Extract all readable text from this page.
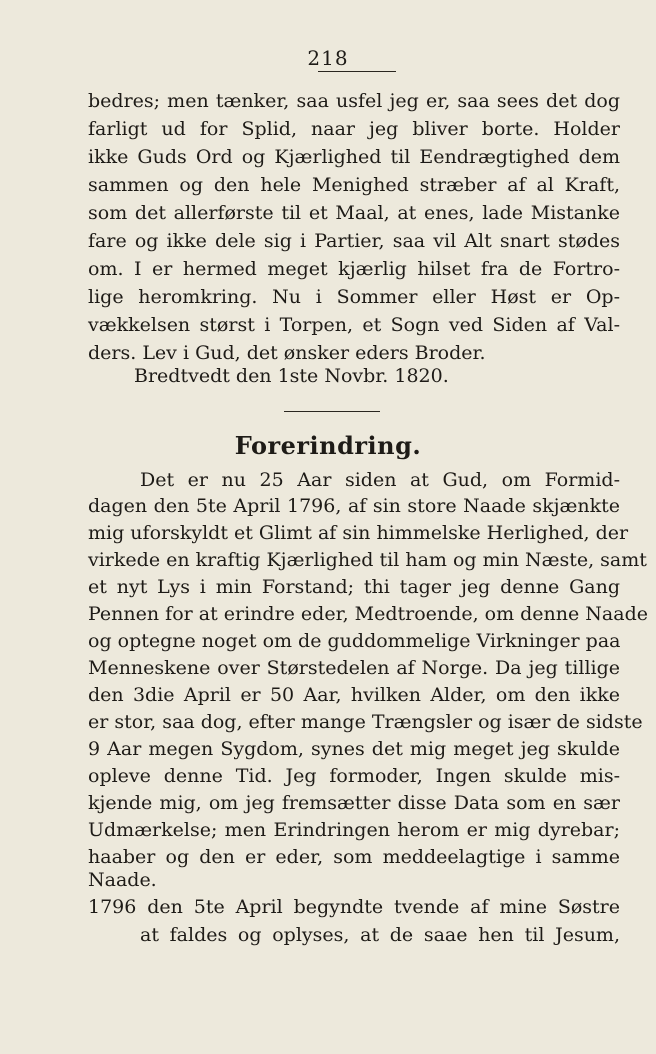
218
bedres; men tænker, saa usfel jeg er, saa sees det dog
farligt ud for Splid, naar jeg bliver borte. Holder
ikke Guds Ord og Kjærlighed til Eendrægtighed dem
sammen og den hele Menighed stræber af al Kraft,
som det allerførste til et Maal, at enes, lade Mistanke
fare og ikke dele sig i Partier, saa vil Alt snart stødes
om. I er hermed meget kjærlig hilset fra de Fortro-
lige heromkring. Nu i Sommer eller Høst er Op-
vækkelsen størst i Torpen, et Sogn ved Siden af Val-
ders. Lev i Gud, det ønsker eders Broder.
Bredtvedt den 1ste Novbr. 1820.
Forerindring.
Det er nu 25 Aar siden at Gud, om Formid-
dagen den 5te April 1796, af sin store Naade skjænkte
mig uforskyldt et Glimt af sin himmelske Herlighed, der
virkede en kraftig Kjærlighed til ham og min Næste, samt
et nyt Lys i min Forstand; thi tager jeg denne Gang
Pennen for at erindre eder, Medtroende, om denne Naade
og optegne noget om de guddommelige Virkninger paa
Menneskene over Størstedelen af Norge. Da jeg tillige
den 3die April er 50 Aar, hvilken Alder, om den ikke
er stor, saa dog, efter mange Trængsler og især de sidste
9 Aar megen Sygdom, synes det mig meget jeg skulde
opleve denne Tid. Jeg formoder, Ingen skulde mis-
kjende mig, om jeg fremsætter disse Data som en sær
Udmærkelse; men Erindringen herom er mig dyrebar;
haaber og den er eder, som meddeelagtige i samme
Naade.
1796 den 5te April begyndte tvende af mine Søstre
at faldes og oplyses, at de saae hen til Jesum,
